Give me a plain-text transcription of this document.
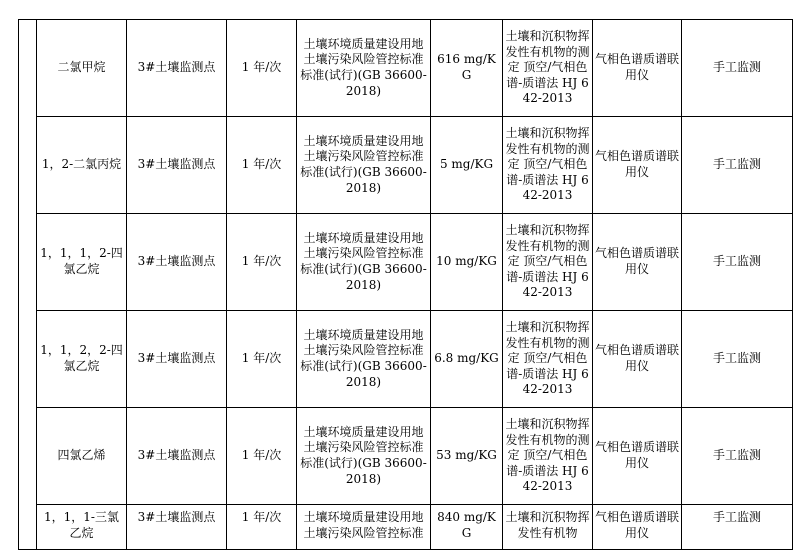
	二氯甲烷	3#土壤监测点	1 年/次	土壤环境质量建设用地土壤污染风险管控标准标准(试行)(GB 36600-2018)	616 mg/KG	土壤和沉积物挥发性有机物的测定 顶空/气相色谱-质谱法 HJ 642-2013	气相色谱质谱联用仪	手工监测
	1，2-二氯丙烷	3#土壤监测点	1 年/次	土壤环境质量建设用地土壤污染风险管控标准标准(试行)(GB 36600-2018)	5 mg/KG	土壤和沉积物挥发性有机物的测定 顶空/气相色谱-质谱法 HJ 642-2013	气相色谱质谱联用仪	手工监测
	1，1，1，2-四氯乙烷	3#土壤监测点	1 年/次	土壤环境质量建设用地土壤污染风险管控标准标准(试行)(GB 36600-2018)	10 mg/KG	土壤和沉积物挥发性有机物的测定 顶空/气相色谱-质谱法 HJ 642-2013	气相色谱质谱联用仪	手工监测
	1，1，2，2-四氯乙烷	3#土壤监测点	1 年/次	土壤环境质量建设用地土壤污染风险管控标准标准(试行)(GB 36600-2018)	6.8 mg/KG	土壤和沉积物挥发性有机物的测定 顶空/气相色谱-质谱法 HJ 642-2013	气相色谱质谱联用仪	手工监测
	四氯乙烯	3#土壤监测点	1 年/次	土壤环境质量建设用地土壤污染风险管控标准标准(试行)(GB 36600-2018)	53 mg/KG	土壤和沉积物挥发性有机物的测定 顶空/气相色谱-质谱法 HJ 642-2013	气相色谱质谱联用仪	手工监测
	1，1，1-三氯乙烷	3#土壤监测点	1 年/次	土壤环境质量建设用地土壤污染风险管控标准	840 mg/KG	土壤和沉积物挥发性有机物	气相色谱质谱联用仪	手工监测
